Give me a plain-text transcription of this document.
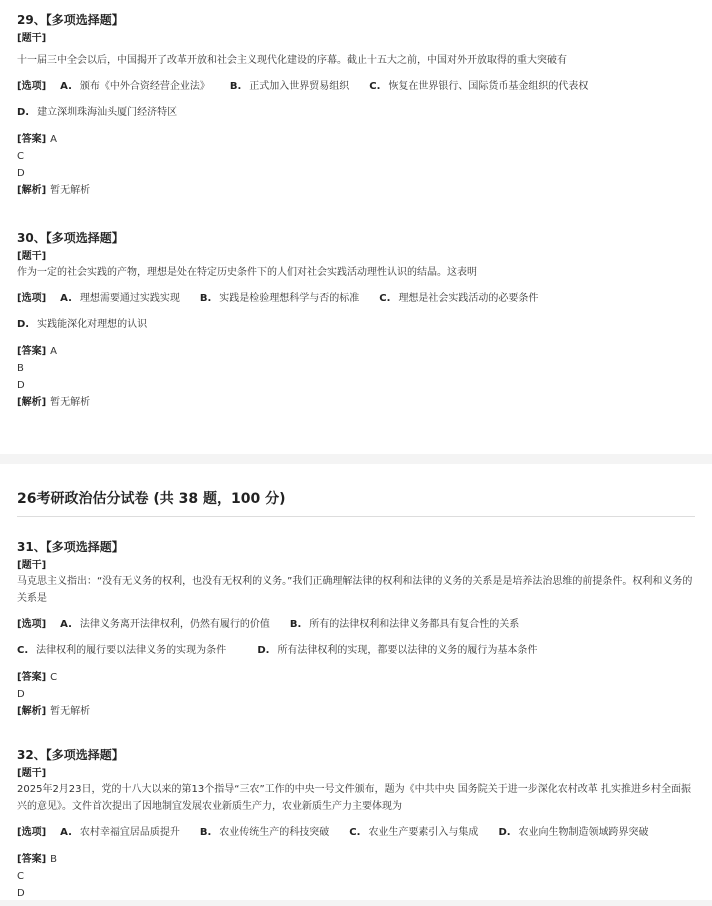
29、【多项选择题】
[题干]
十一届三中全会以后，中国揭开了改革开放和社会主义现代化建设的序幕。截止十五大之前，中国对外开放取得的重大突破有
[选项] A. 颁布《中外合资经营企业法》 B. 正式加入世界贸易组织 C. 恢复在世界银行、国际货币基金组织的代表权
D. 建立深圳珠海汕头厦门经济特区
[答案] A
C
D
[解析] 暂无解析
30、【多项选择题】
[题干]
作为一定的社会实践的产物，理想是处在特定历史条件下的人们对社会实践活动理性认识的结晶。这表明
[选项] A. 理想需要通过实践实现 B. 实践是检验理想科学与否的标准 C. 理想是社会实践活动的必要条件
D. 实践能深化对理想的认识
[答案] A
B
D
[解析] 暂无解析
26考研政治估分试卷 (共 38 题，100 分)
31、【多项选择题】
[题干]
马克思主义指出：“没有无义务的权利，也没有无权利的义务。”我们正确理解法律的权利和法律的义务的关系是是培养法治思维的前提条件。权利和义务的关系是
[选项] A. 法律义务离开法律权利，仍然有履行的价值 B. 所有的法律权利和法律义务都具有复合性的关系
C. 法律权利的履行要以法律义务的实现为条件	D. 所有法律权利的实现，都要以法律的义务的履行为基本条件
[答案] C
D
[解析] 暂无解析
32、【多项选择题】
[题干]
2025年2月23日，党的十八大以来的第13个指导“三农”工作的中央一号文件颁布，题为《中共中央 国务院关于进一步深化农村改革 扎实推进乡村全面振兴的意见》。文件首次提出了因地制宜发展农业新质生产力，农业新质生产力主要体现为
[选项] A. 农村幸福宜居品质提升 B. 农业传统生产的科技突破 C. 农业生产要素引入与集成 D. 农业向生物制造领域跨界突破
[答案] B
C
D
